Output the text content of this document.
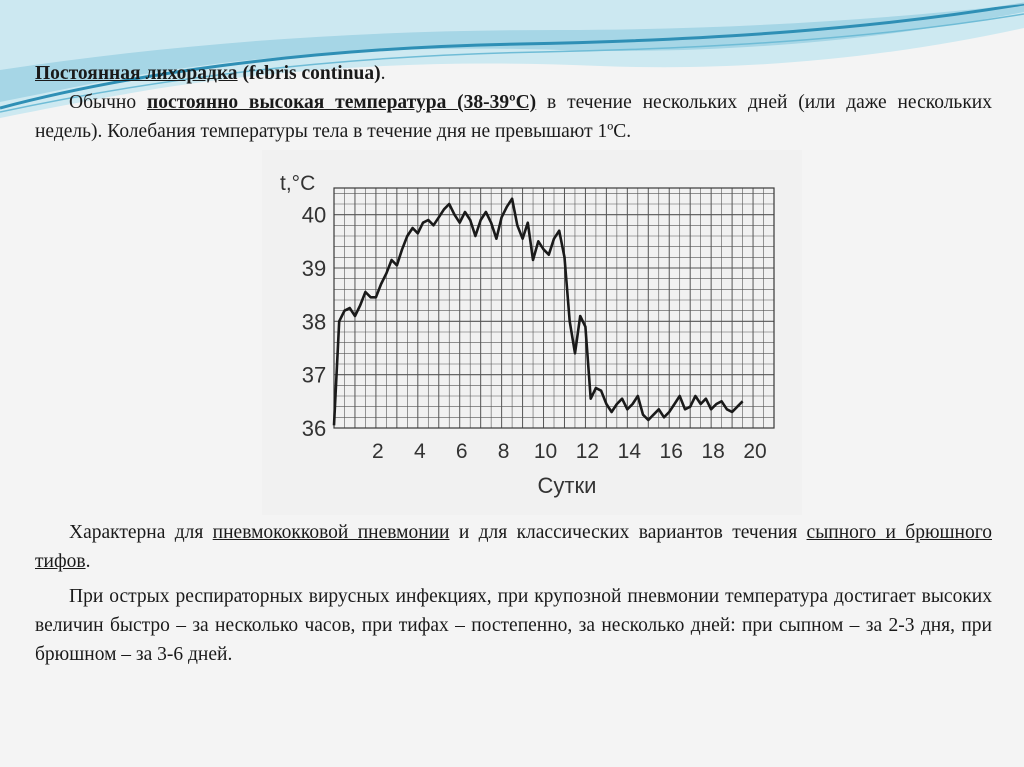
Постоянная лихорадка (febris continua).
Обычно постоянно высокая температура (38-39ºC) в течение нескольких дней (или даже нескольких недель). Колебания температуры тела в течение дня не превышают 1ºС.
t,°C
36
37
38
39
40
2 4 6 8 10 12 14 16 18 20
Сутки
Характерна для пневмококковой пневмонии и для классических вариантов течения сыпного и брюшного тифов.
При острых респираторных вирусных инфекциях, при крупозной пневмонии температура достигает высоких величин быстро – за несколько часов, при тифах – постепенно, за несколько дней: при сыпном – за 2-3 дня, при брюшном – за 3-6 дней.
